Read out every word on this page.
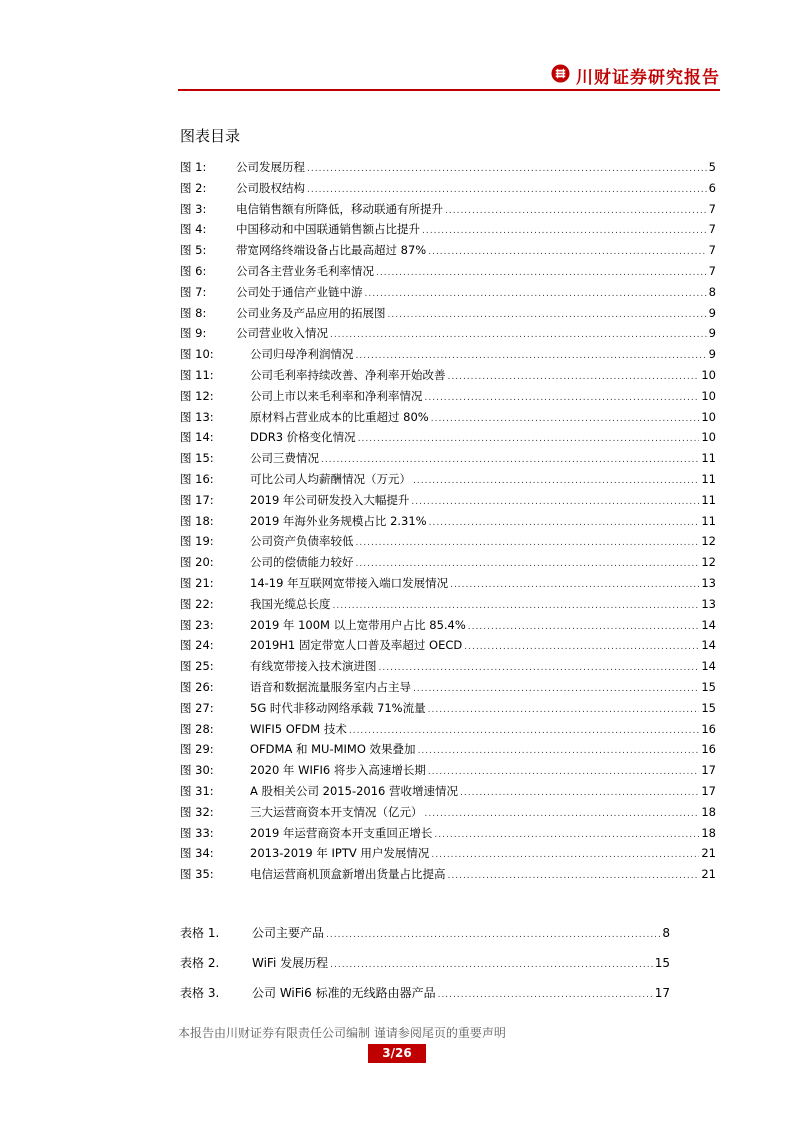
川财证券研究报告
图表目录
图 1:	公司发展历程 .....	5
图 2:	公司股权结构 .....	6
图 3:	电信销售额有所降低，移动联通有所提升 .....	7
图 4:	中国移动和中国联通销售额占比提升 .....	7
图 5:	带宽网络终端设备占比最高超过 87% .....	7
图 6:	公司各主营业务毛利率情况 .....	7
图 7:	公司处于通信产业链中游 .....	8
图 8:	公司业务及产品应用的拓展图 .....	9
图 9:	公司营业收入情况 .....	9
图 10:	公司归母净利润情况 .....	9
图 11:	公司毛利率持续改善、净利率开始改善 .....	10
图 12:	公司上市以来毛利率和净利率情况 .....	10
图 13:	原材料占营业成本的比重超过 80% .....	10
图 14:	DDR3 价格变化情况 .....	10
图 15:	公司三费情况 .....	11
图 16:	可比公司人均薪酬情况（万元） .....	11
图 17:	2019 年公司研发投入大幅提升 .....	11
图 18:	2019 年海外业务规模占比 2.31% .....	11
图 19:	公司资产负债率较低 .....	12
图 20:	公司的偿债能力较好 .....	12
图 21:	14-19 年互联网宽带接入端口发展情况 .....	13
图 22:	我国光缆总长度 .....	13
图 23:	2019 年 100M 以上宽带用户占比 85.4% .....	14
图 24:	2019H1 固定带宽人口普及率超过 OECD .....	14
图 25:	有线宽带接入技术演进图 .....	14
图 26:	语音和数据流量服务室内占主导 .....	15
图 27:	5G 时代非移动网络承载 71%流量 .....	15
图 28:	WIFI5 OFDM 技术 .....	16
图 29:	OFDMA 和 MU-MIMO 效果叠加 .....	16
图 30:	2020 年 WIFI6 将步入高速增长期 .....	17
图 31:	A 股相关公司 2015-2016 营收增速情况 .....	17
图 32:	三大运营商资本开支情况（亿元） .....	18
图 33:	2019 年运营商资本开支重回正增长 .....	18
图 34:	2013-2019 年 IPTV 用户发展情况 .....	21
图 35:	电信运营商机顶盒新增出货量占比提高 .....	21
表格 1.	公司主要产品 .....	8
表格 2.	WiFi 发展历程 .....	15
表格 3.	公司 WiFi6 标准的无线路由器产品 .....	17
本报告由川财证券有限责任公司编制 谨请参阅尾页的重要声明
3/26
